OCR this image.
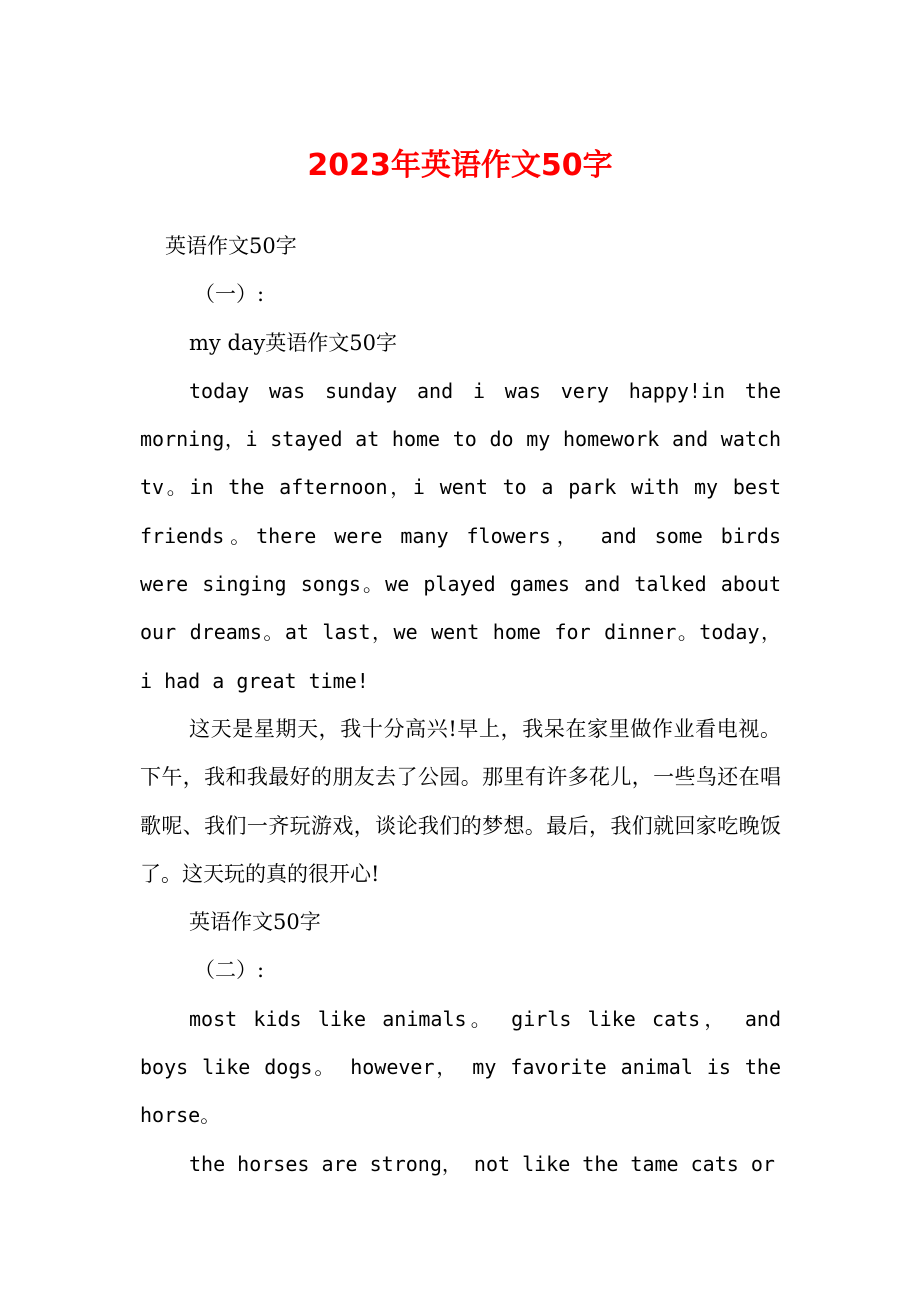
2023年英语作文50字

英语作文50字

（一）:

my day英语作文50字

today was sunday and i was very happy!in the morning，i stayed at home to do my homework and watch tv。in the afternoon，i went to a park with my best friends。there were many flowers， and some birds were singing songs。we played games and talked about our dreams。at last，we went home for dinner。today， i had a great time!

这天是星期天，我十分高兴!早上，我呆在家里做作业看电视。下午，我和我最好的朋友去了公园。那里有许多花儿，一些鸟还在唱歌呢、我们一齐玩游戏，谈论我们的梦想。最后，我们就回家吃晚饭了。这天玩的真的很开心!

英语作文50字

（二）:

most kids like animals。 girls like cats， and boys like dogs。 however， my favorite animal is the horse。

the horses are strong， not like the tame cats or
